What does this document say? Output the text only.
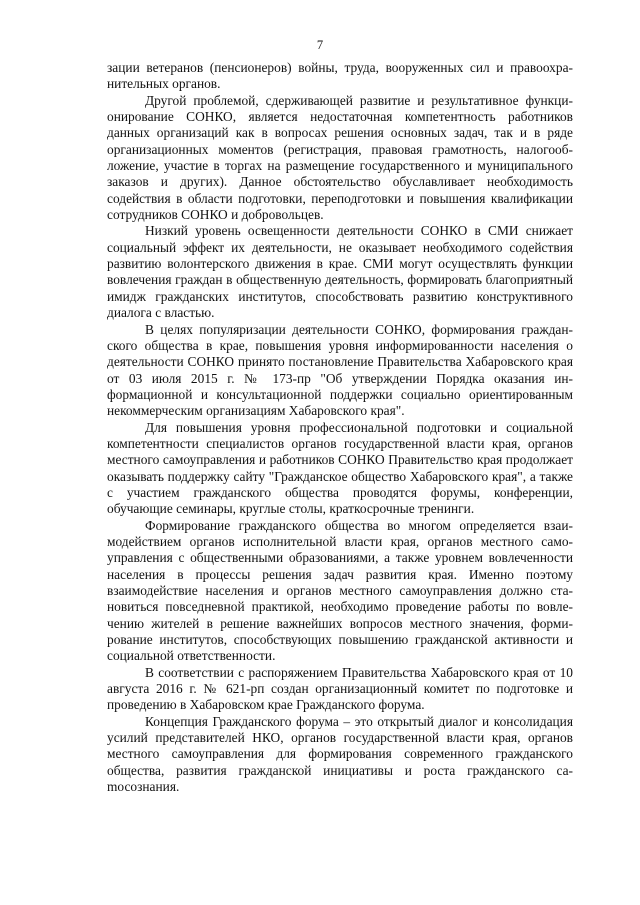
7

зации ветеранов (пенсионеров) войны, труда, вооруженных сил и правоохранительных органов.

Другой проблемой, сдерживающей развитие и результативное функционирование СОНКО, является недостаточная компетентность работников данных организаций как в вопросах решения основных задач, так и в ряде организационных моментов (регистрация, правовая грамотность, налогообложение, участие в торгах на размещение государственного и муниципального заказов и других). Данное обстоятельство обуславливает необходимость содействия в области подготовки, переподготовки и повышения квалификации сотрудников СОНКО и добровольцев.

Низкий уровень освещенности деятельности СОНКО в СМИ снижает социальный эффект их деятельности, не оказывает необходимого содействия развитию волонтерского движения в крае. СМИ могут осуществлять функции вовлечения граждан в общественную деятельность, формировать благоприятный имидж гражданских институтов, способствовать развитию конструктивного диалога с властью.

В целях популяризации деятельности СОНКО, формирования гражданского общества в крае, повышения уровня информированности населения о деятельности СОНКО принято постановление Правительства Хабаровского края от 03 июля 2015 г. № 173-пр "Об утверждении Порядка оказания информационной и консультационной поддержки социально ориентированным некоммерческим организациям Хабаровского края".

Для повышения уровня профессиональной подготовки и социальной компетентности специалистов органов государственной власти края, органов местного самоуправления и работников СОНКО Правительство края продолжает оказывать поддержку сайту "Гражданское общество Хабаровского края", а также с участием гражданского общества проводятся форумы, конференции, обучающие семинары, круглые столы, краткосрочные тренинги.

Формирование гражданского общества во многом определяется взаимодействием органов исполнительной власти края, органов местного самоуправления с общественными образованиями, а также уровнем вовлеченности населения в процессы решения задач развития края. Именно поэтому взаимодействие населения и органов местного самоуправления должно становиться повседневной практикой, необходимо проведение работы по вовлечению жителей в решение важнейших вопросов местного значения, формирование институтов, способствующих повышению гражданской активности и социальной ответственности.

В соответствии с распоряжением Правительства Хабаровского края от 10 августа 2016 г. № 621-рп создан организационный комитет по подготовке и проведению в Хабаровском крае Гражданского форума.

Концепция Гражданского форума – это открытый диалог и консолидация усилий представителей НКО, органов государственной власти края, органов местного самоуправления для формирования современного гражданского общества, развития гражданской инициативы и роста гражданского саmосознания.
